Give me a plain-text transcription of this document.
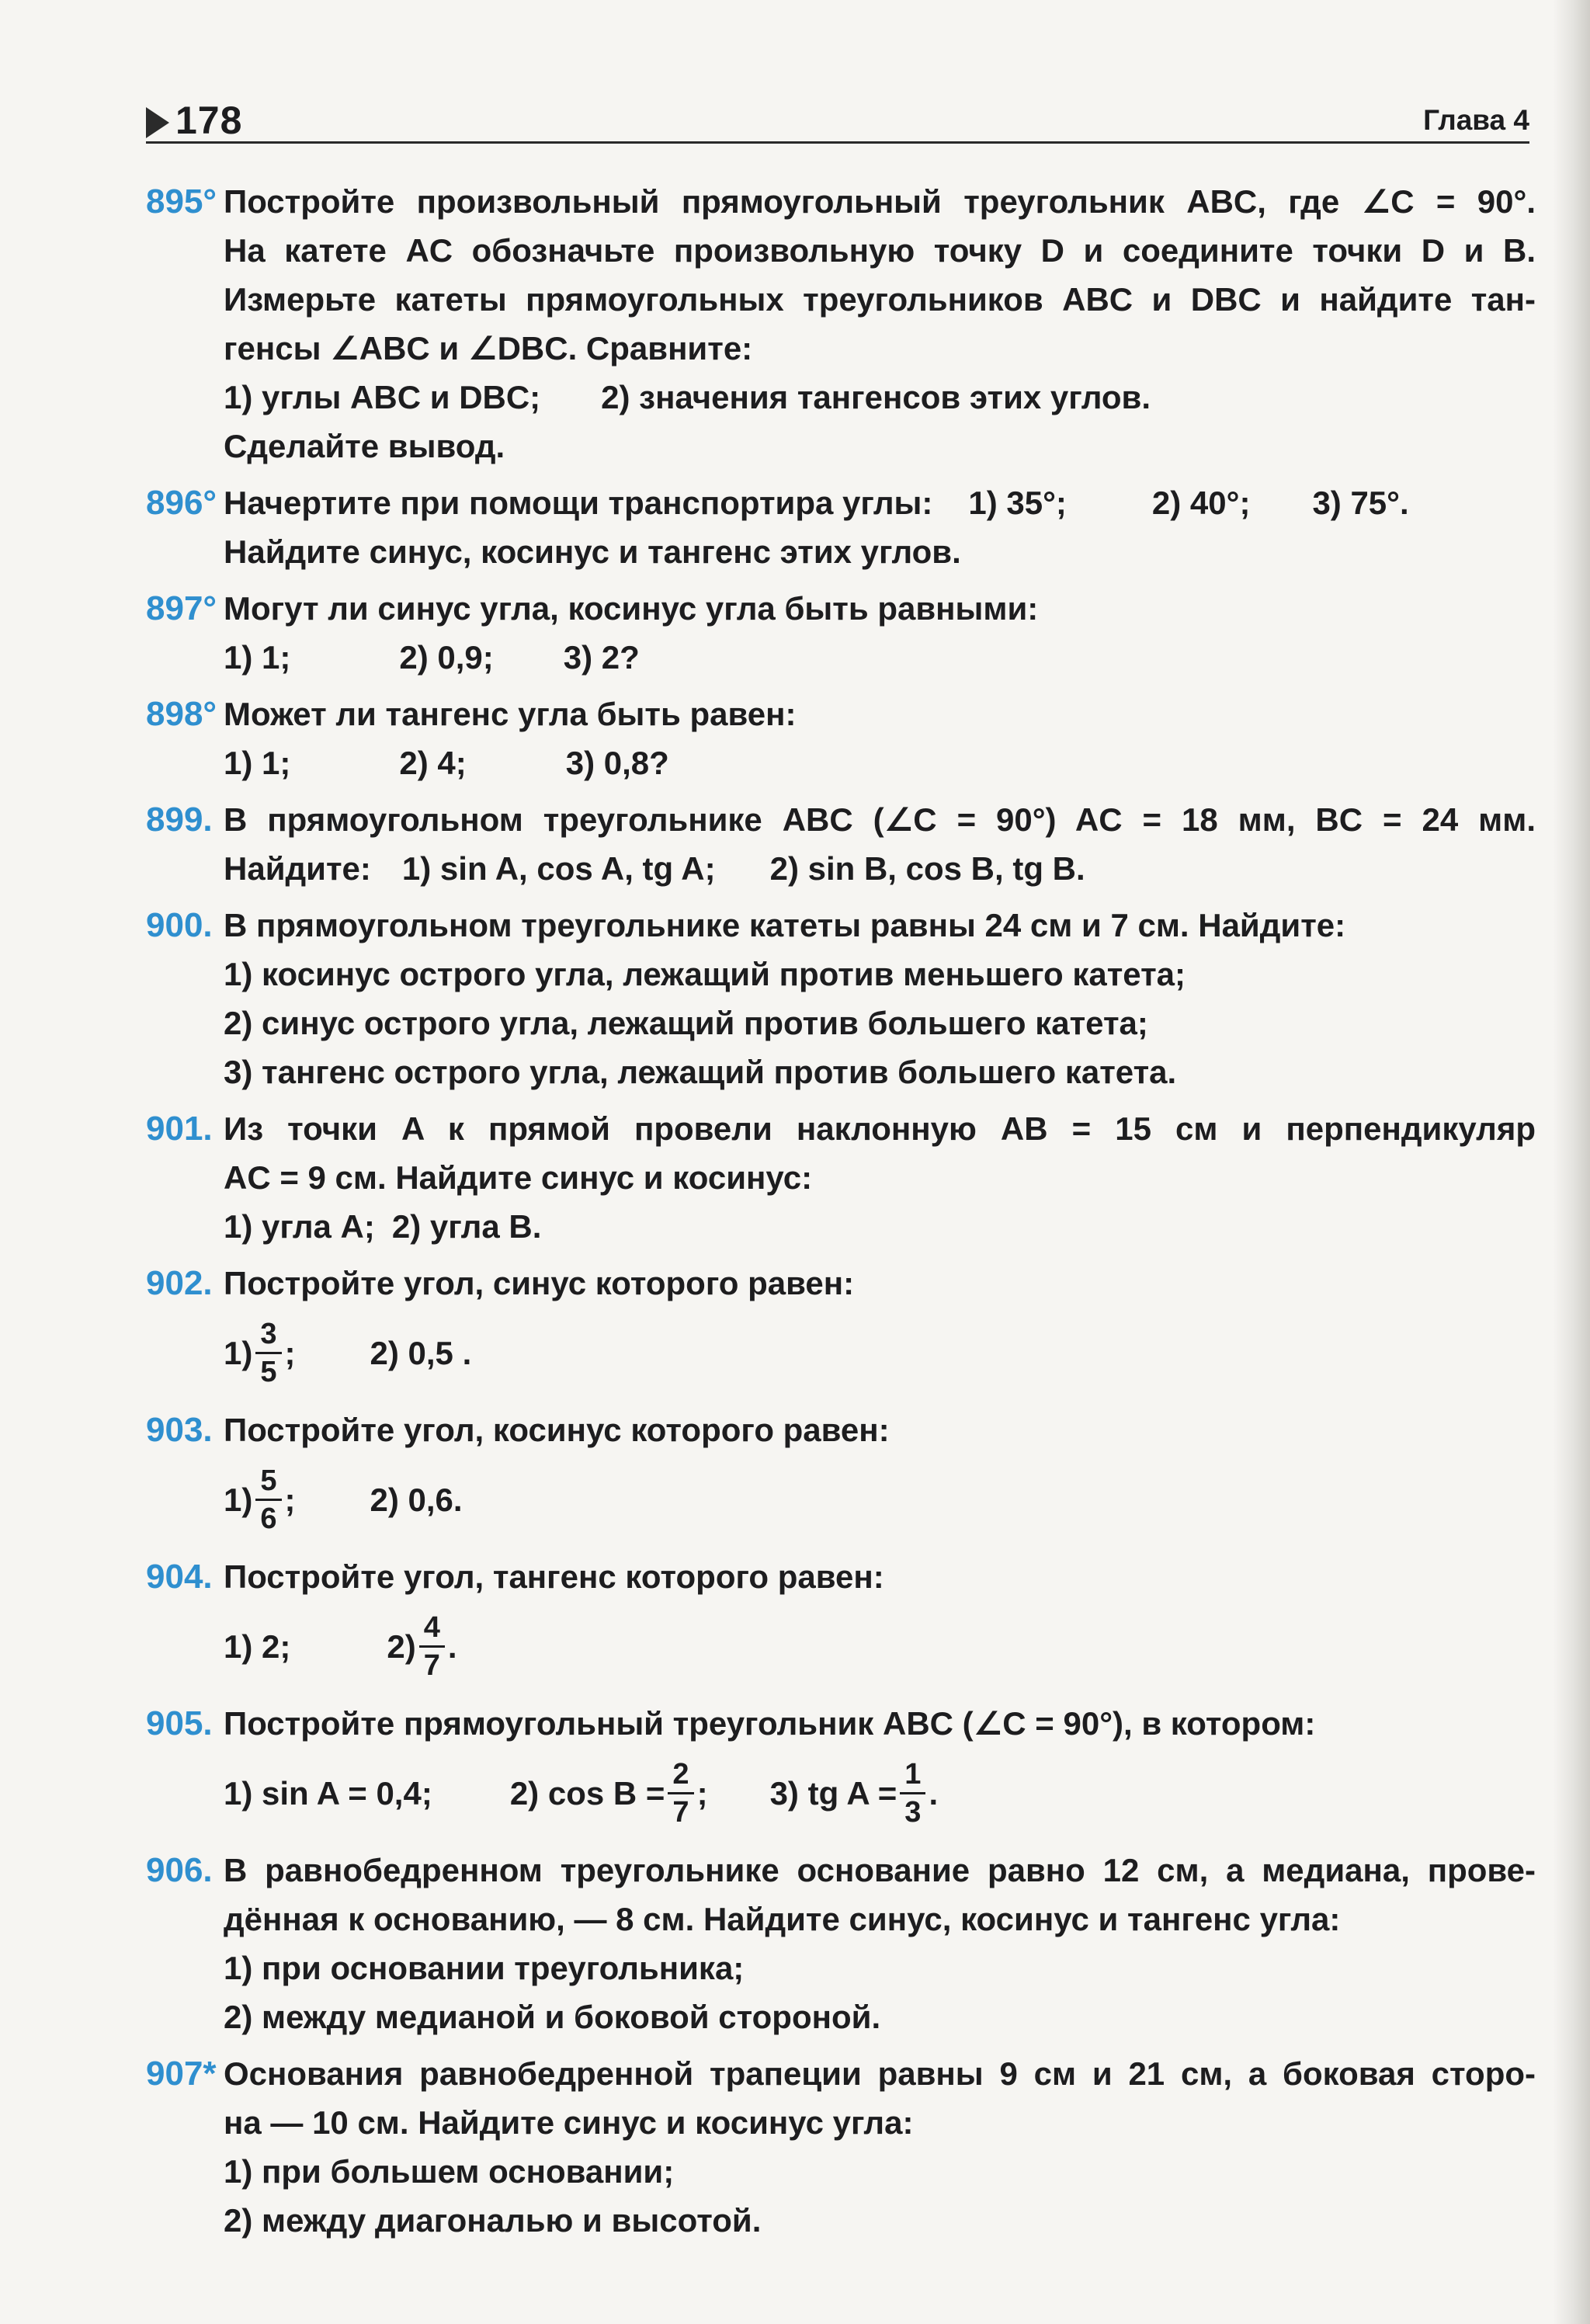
178	Глава 4
895° Постройте произвольный прямоугольный треугольник ABC, где ∠C = 90°.
На катете AC обозначьте произвольную точку D и соедините точки D и B.
Измерьте катеты прямоугольных треугольников ABC и DBC и найдите тан-
генсы ∠ABC и ∠DBC. Сравните:
1) углы ABC и DBC; 2) значения тангенсов этих углов.
Сделайте вывод.
896° Начертите при помощи транспортира углы: 1) 35°;	2) 40°; 3) 75°.
Найдите синус, косинус и тангенс этих углов.
897° Могут ли синус угла, косинус угла быть равными:
1) 1;	2) 0,9; 3) 2?
898° Может ли тангенс угла быть равен:
1) 1;	2) 4;	3) 0,8?
899. В прямоугольном треугольнике ABC (∠C = 90°) AC = 18 мм, BC = 24 мм.
Найдите: 1) sin A, cos A, tg A; 2) sin B, cos B, tg B.
900. В прямоугольном треугольнике катеты равны 24 см и 7 см. Найдите:
1) косинус острого угла, лежащий против меньшего катета;
2) синус острого угла, лежащий против большего катета;
3) тангенс острого угла, лежащий против большего катета.
901. Из точки A к прямой провели наклонную AB = 15 см и перпендикуляр
AC = 9 см. Найдите синус и косинус:
1) угла A; 2) угла B.
902. Постройте угол, синус которого равен:
$1) \frac{3}{5}$ ; 2) 0,5 .
903. Постройте угол, косинус которого равен:
$1) \frac{5}{6}$ ; 2) 0,6.
904. Постройте угол, тангенс которого равен:
1) 2;	$2) \frac{4}{7}$ .
905. Постройте прямоугольный треугольник ABC (∠C = 90°), в котором:
1) sin A = 0,4; 2) $\cos B = \frac{2}{7}$ ; 3) tg $A = \frac{1}{3}$ .
906. В равнобедренном треугольнике основание равно 12 см, а медиана, прове-
дённая к основанию, — 8 см. Найдите синус, косинус и тангенс угла:
1) при основании треугольника;
2) между медианой и боковой стороной.
907* Основания равнобедренной трапеции равны 9 см и 21 см, а боковая сторо-
на — 10 см. Найдите синус и косинус угла:
1) при большем основании;
2) между диагональю и высотой.
